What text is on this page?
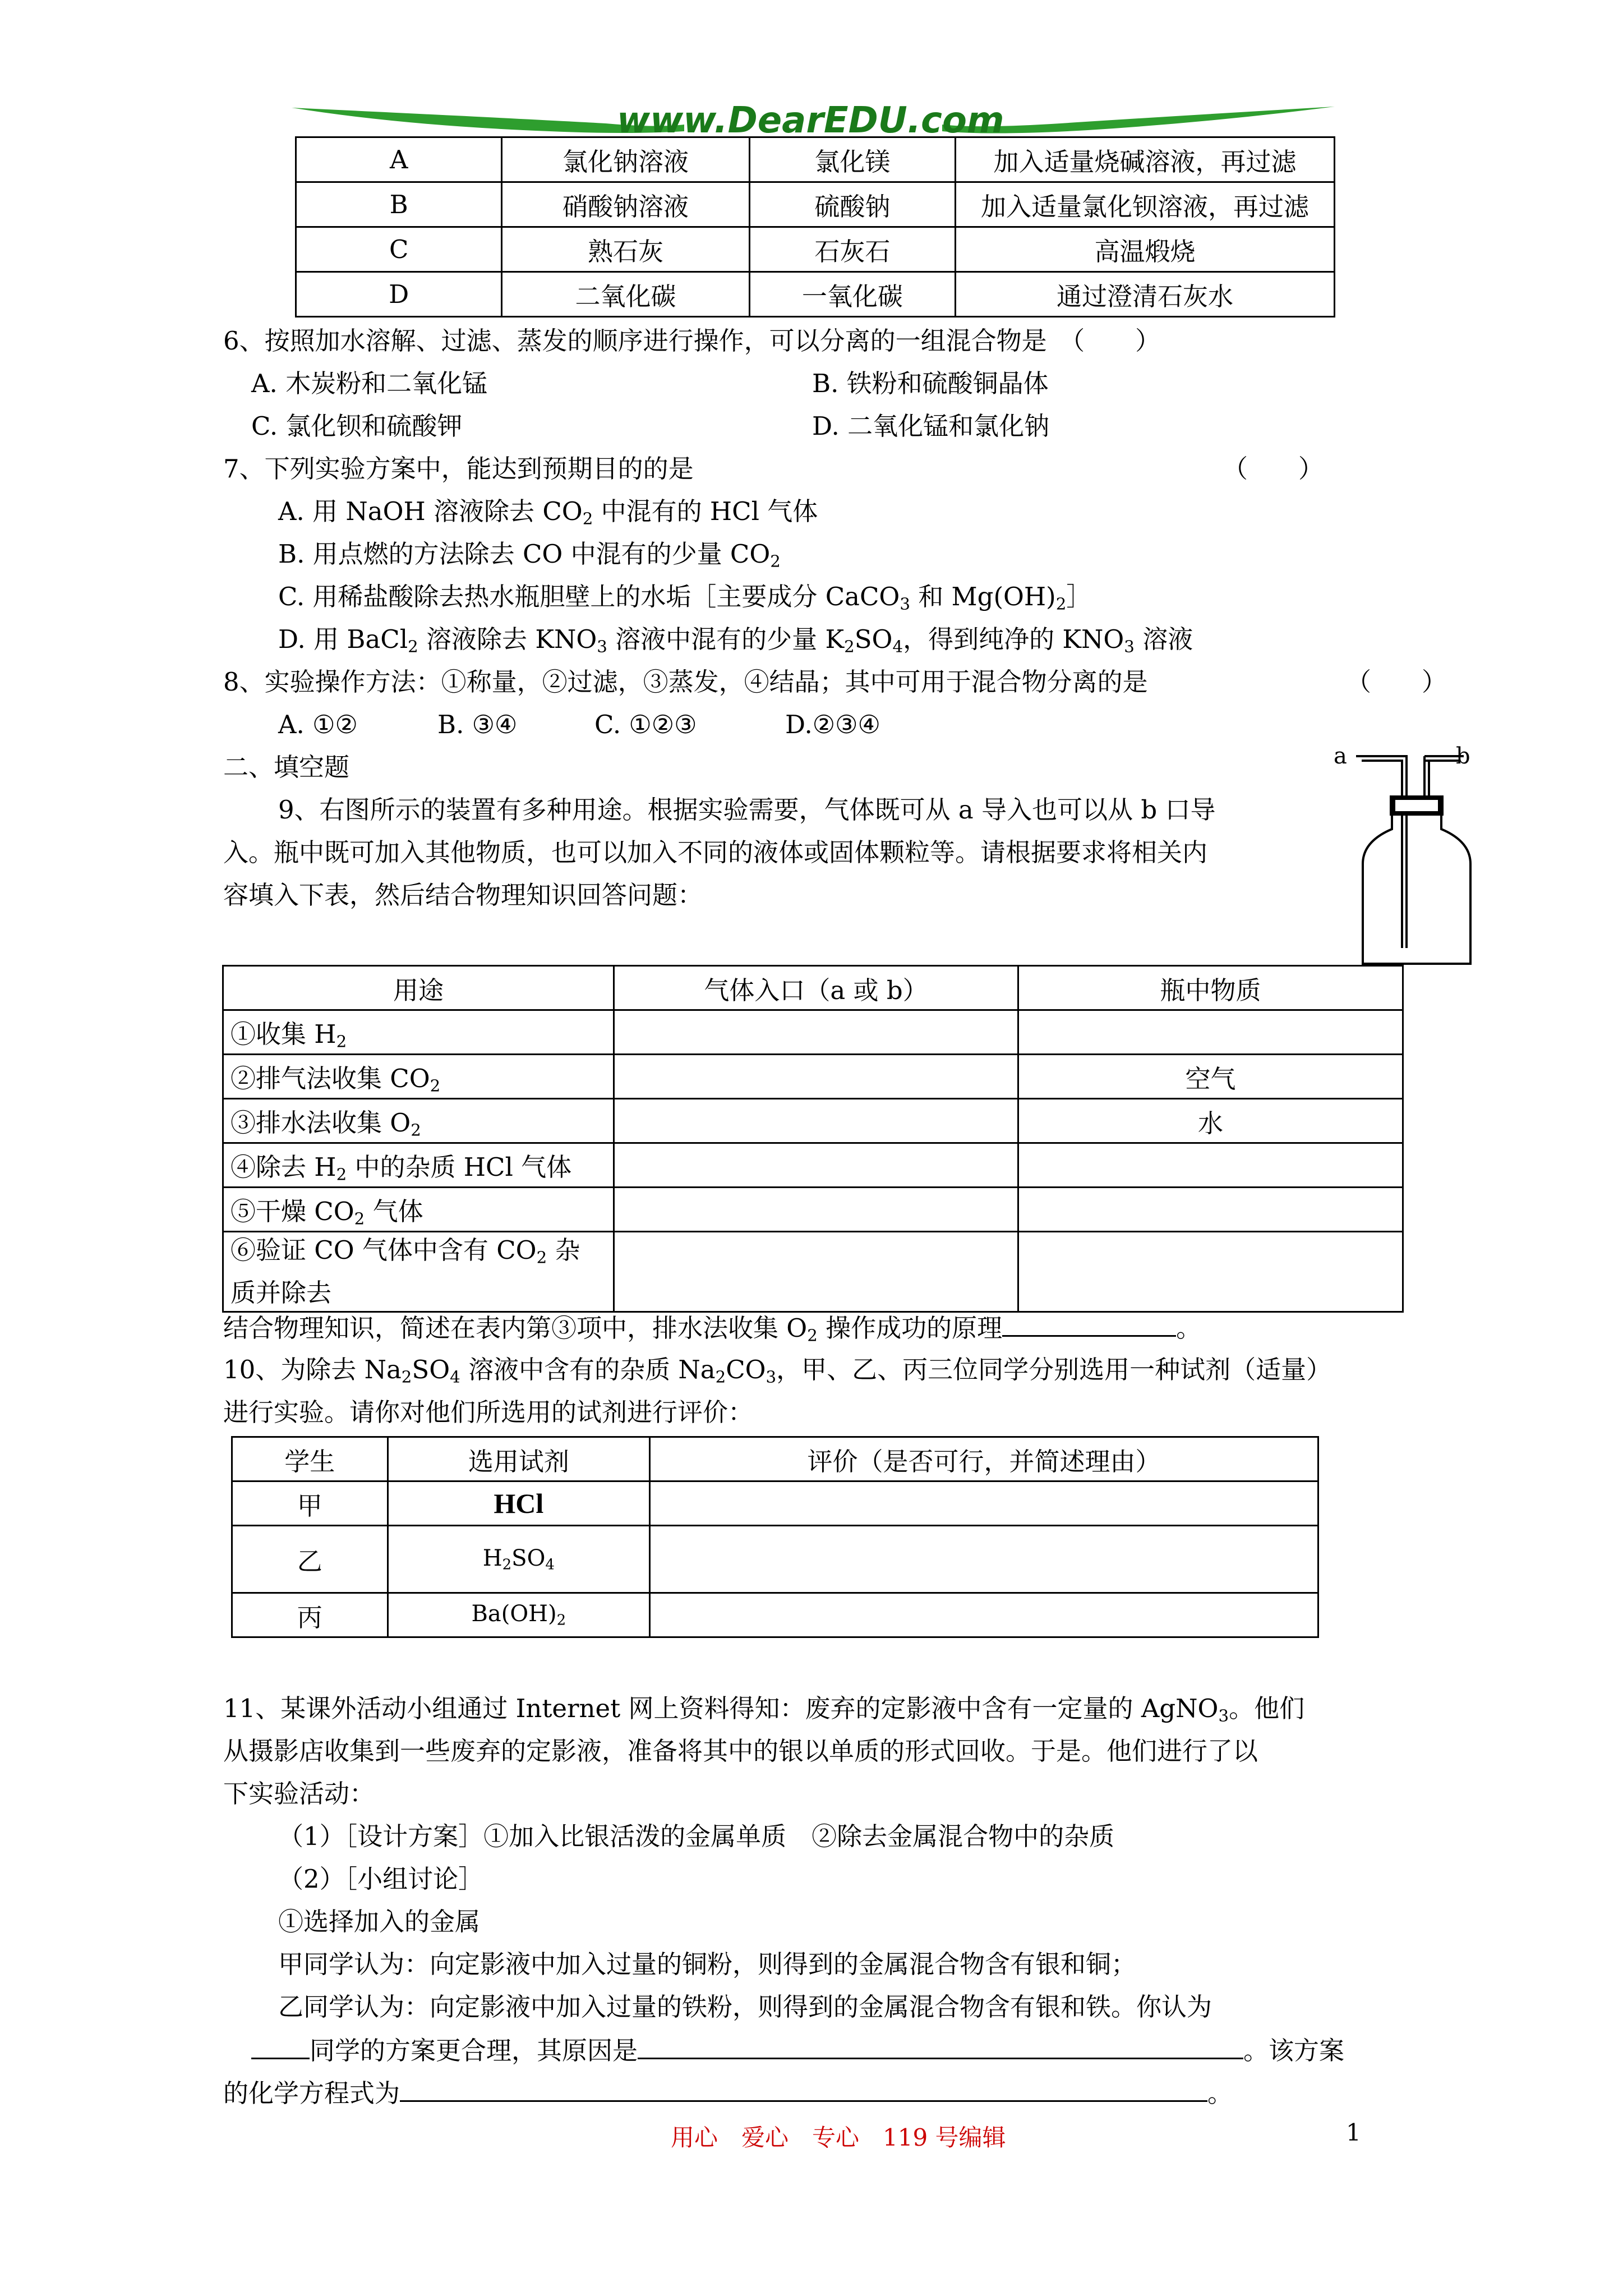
www.DearEDU.com
A	氯化钠溶液	氯化镁	加入适量烧碱溶液，再过滤
B	硝酸钠溶液	硫酸钠	加入适量氯化钡溶液，再过滤
C	熟石灰	石灰石	高温煅烧
D	二氧化碳	一氧化碳	通过澄清石灰水
6、按照加水溶解、过滤、蒸发的顺序进行操作，可以分离的一组混合物是　（　　）
A. 木炭粉和二氧化锰	B. 铁粉和硫酸铜晶体
C. 氯化钡和硫酸钾	D. 二氧化锰和氯化钠
7、下列实验方案中，能达到预期目的的是	（　　）
A. 用 NaOH 溶液除去 $CO_2$ 中混有的 HCl 气体
B. 用点燃的方法除去 CO 中混有的少量 $CO_2$
C. 用稀盐酸除去热水瓶胆壁上的水垢［主要成分 CaCO$_3$ 和 $Mg(OH)_2]$
D. 用 BaCl$_2$ 溶液除去 $KNO_3$ 溶液中混有的少量 $K_2SO_4$，得到纯净的 $KNO_3$ 溶液
8、实验操作方法：①称量，②过滤，③蒸发，④结晶；其中可用于混合物分离的是	（　　）
A. ①②	B. ③④	C. ①②③	D.②③④
二、填空题
9、右图所示的装置有多种用途。根据实验需要，气体既可从 a 导入也可以从 b 口导
入。瓶中既可加入其他物质，也可以加入不同的液体或固体颗粒等。请根据要求将相关内
容填入下表，然后结合物理知识回答问题：
a	b
用途	气体入口（a 或 b）	瓶中物质
①收集 $H_2$		
②排气法收集 $CO_2$		空气
③排水法收集 $O_2$		水
④除去 $H_2$ 中的杂质 HCl 气体		
⑤干燥 $CO_2$ 气体		
⑥验证 CO 气体中含有 $CO_2$ 杂
质并除去		
结合物理知识，简述在表内第③项中，排水法收集 $O_2$ 操作成功的原理	。
10、为除去 $Na_2SO_4$ 溶液中含有的杂质 $Na_2CO_3$，甲、乙、丙三位同学分别选用一种试剂（适量）
进行实验。请你对他们所选用的试剂进行评价：
学生	选用试剂	评价（是否可行，并简述理由）
甲	HCl	
乙	$H_2SO_4$	
丙	$Ba(OH)_2$	
11、某课外活动小组通过 Internet 网上资料得知：废弃的定影液中含有一定量的 AgNO$_3$。他们
从摄影店收集到一些废弃的定影液，准备将其中的银以单质的形式回收。于是。他们进行了以
下实验活动：
（1）［设计方案］①加入比银活泼的金属单质　②除去金属混合物中的杂质
（2）［小组讨论］
①选择加入的金属
甲同学认为：向定影液中加入过量的铜粉，则得到的金属混合物含有银和铜；
乙同学认为：向定影液中加入过量的铁粉，则得到的金属混合物含有银和铁。你认为
同学的方案更合理，其原因是	。该方案
的化学方程式为	。
用心　爱心　专心　119 号编辑	1
